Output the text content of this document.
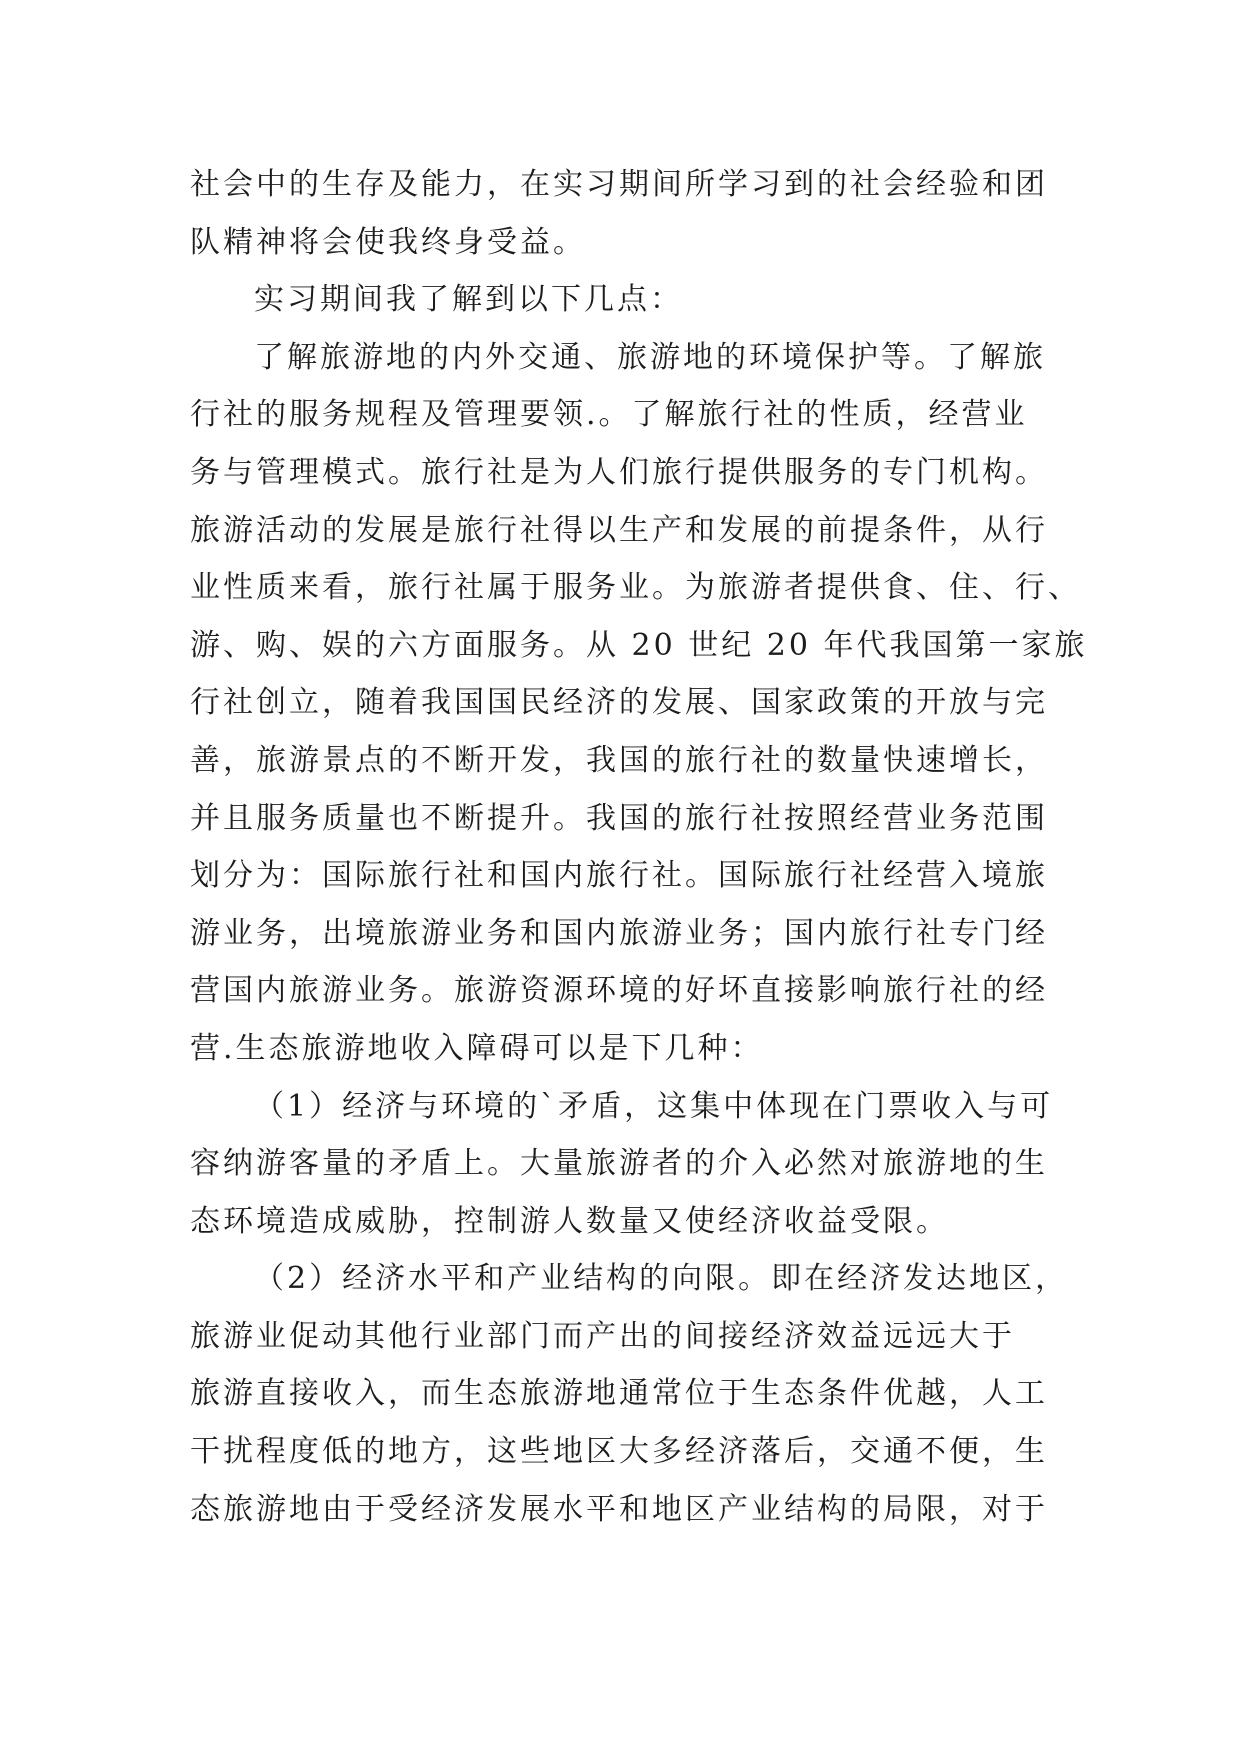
社会中的生存及能力，在实习期间所学习到的社会经验和团
队精神将会使我终身受益。
实习期间我了解到以下几点：
了解旅游地的内外交通、旅游地的环境保护等。了解旅
行社的服务规程及管理要领.。了解旅行社的性质，经营业
务与管理模式。旅行社是为人们旅行提供服务的专门机构。
旅游活动的发展是旅行社得以生产和发展的前提条件，从行
业性质来看，旅行社属于服务业。为旅游者提供食、住、行、
游、购、娱的六方面服务。从 20 世纪 20 年代我国第一家旅
行社创立，随着我国国民经济的发展、国家政策的开放与完
善，旅游景点的不断开发，我国的旅行社的数量快速增长，
并且服务质量也不断提升。我国的旅行社按照经营业务范围
划分为：国际旅行社和国内旅行社。国际旅行社经营入境旅
游业务，出境旅游业务和国内旅游业务；国内旅行社专门经
营国内旅游业务。旅游资源环境的好坏直接影响旅行社的经
营.生态旅游地收入障碍可以是下几种：
（1）经济与环境的`矛盾，这集中体现在门票收入与可
容纳游客量的矛盾上。大量旅游者的介入必然对旅游地的生
态环境造成威胁，控制游人数量又使经济收益受限。
（2）经济水平和产业结构的向限。即在经济发达地区，
旅游业促动其他行业部门而产出的间接经济效益远远大于
旅游直接收入，而生态旅游地通常位于生态条件优越，人工
干扰程度低的地方，这些地区大多经济落后，交通不便，生
态旅游地由于受经济发展水平和地区产业结构的局限，对于
